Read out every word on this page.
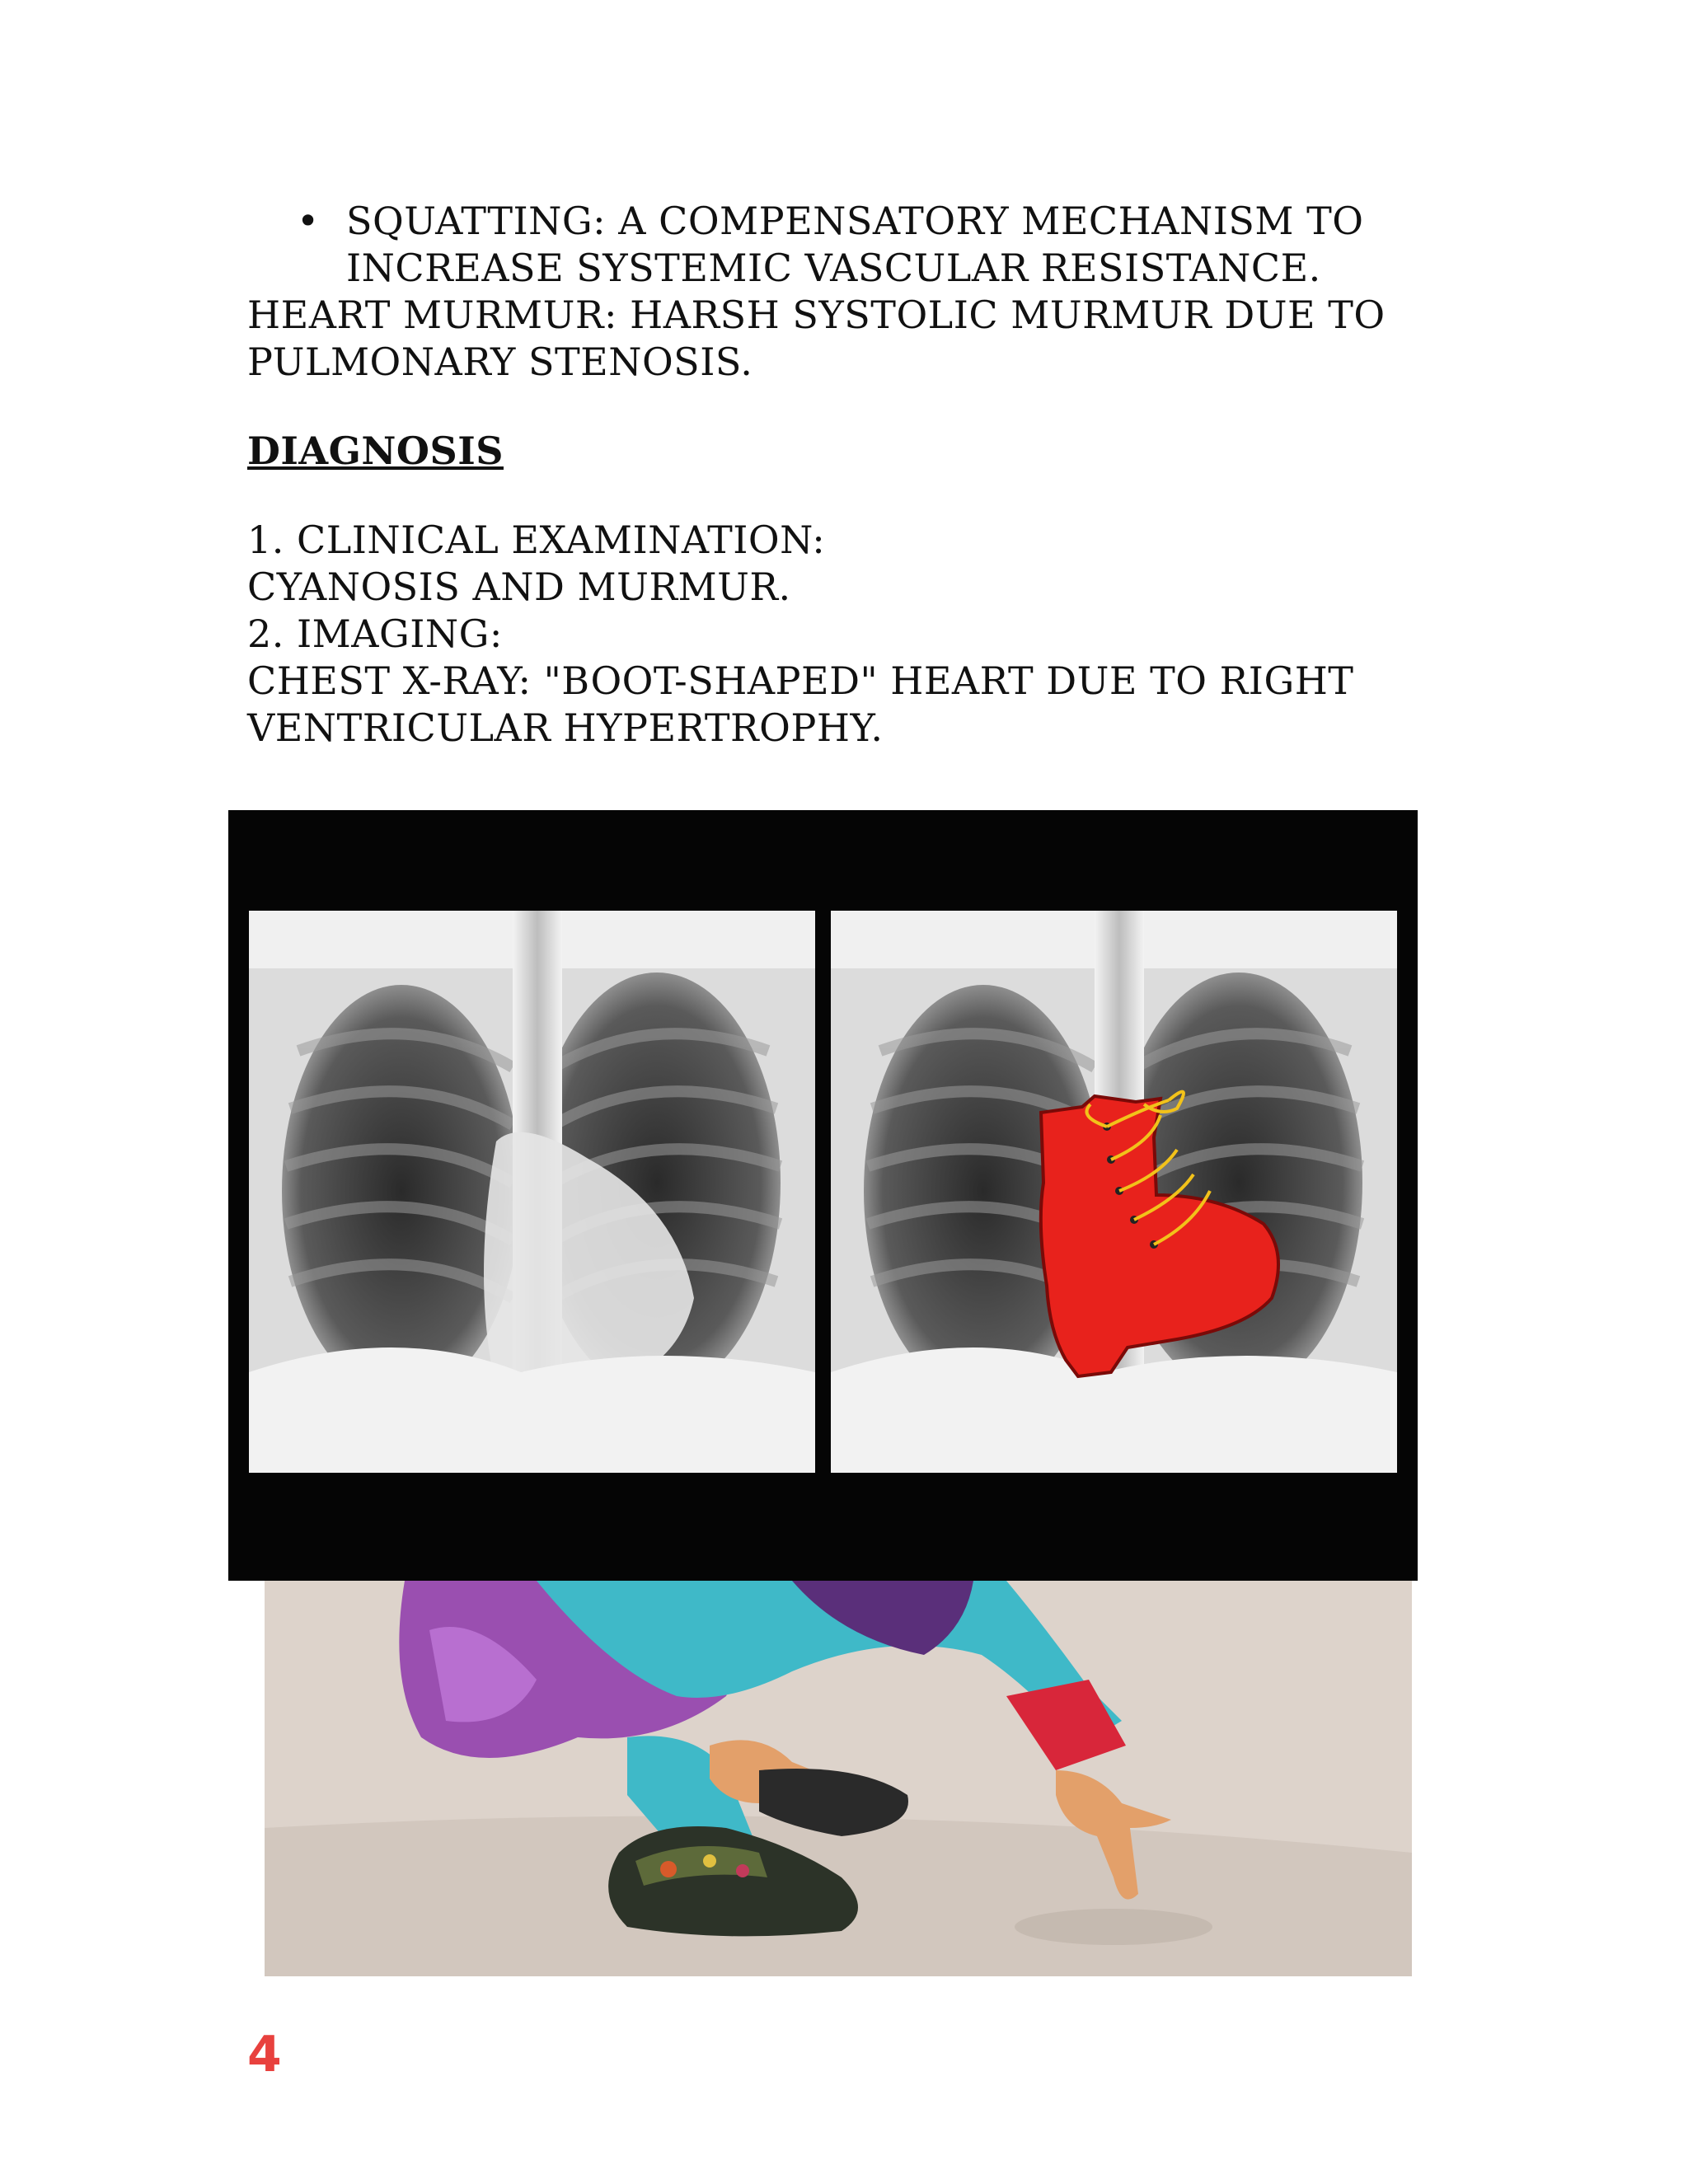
• SQUATTING: A COMPENSATORY MECHANISM TO INCREASE SYSTEMIC VASCULAR RESISTANCE.
HEART MURMUR: HARSH SYSTOLIC MURMUR DUE TO
PULMONARY STENOSIS.
DIAGNOSIS
1. CLINICAL EXAMINATION:
CYANOSIS AND MURMUR.
2. IMAGING:
CHEST X-RAY: "BOOT-SHAPED" HEART DUE TO RIGHT
VENTRICULAR HYPERTROPHY.
4
